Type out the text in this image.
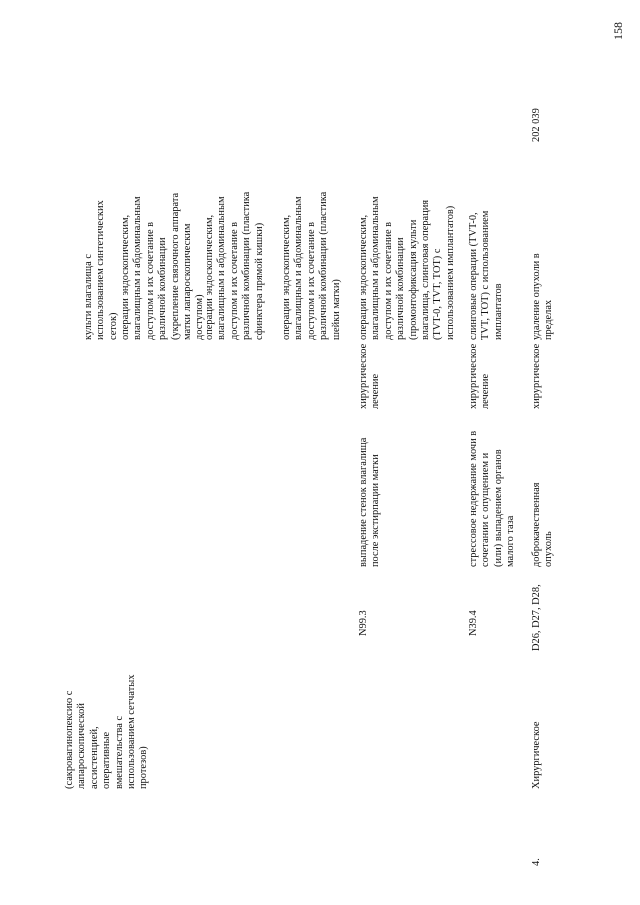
158
(сакровагинопексию с
лапароскопической
ассистенцией,
оперативные
вмешательства с
использованием сетчатых
протезов)
культи влагалища с
использованием синтетических
сеток) операции эндоскопическим,
влагалищным и абдоминальным
доступом и их сочетание в
различной комбинации
(укрепление связочного аппарата
матки лапароскопическим
доступом)
операции эндоскопическим,
влагалищным и абдоминальным
доступом и их сочетание в
различной комбинации (пластика
сфинктера прямой кишки)
операции эндоскопическим,
влагалищным и абдоминальным
доступом и их сочетание в
различной комбинации (пластика
шейки матки)
N99.3
выпадение стенок влагалища
после экстирпации матки
хирургическое
лечение
операции эндоскопическим,
влагалищным и абдоминальным
доступом и их сочетание в
различной комбинации
(промонтофиксация культи
влагалища, слинговая операция
(TVT-0, TVT, TOT) с
использованием имплантатов)
N39.4
стрессовое недержание мочи в
сочетании с опущением и
(или) выпадением органов
малого таза
хирургическое
лечение
слинговые операции (TVT-0,
TVT, TOT) с использованием
имплантатов
4.
Хирургическое
D26, D27, D28,
доброкачественная опухоль
хирургическое
удаление опухоли в пределах
202 039
